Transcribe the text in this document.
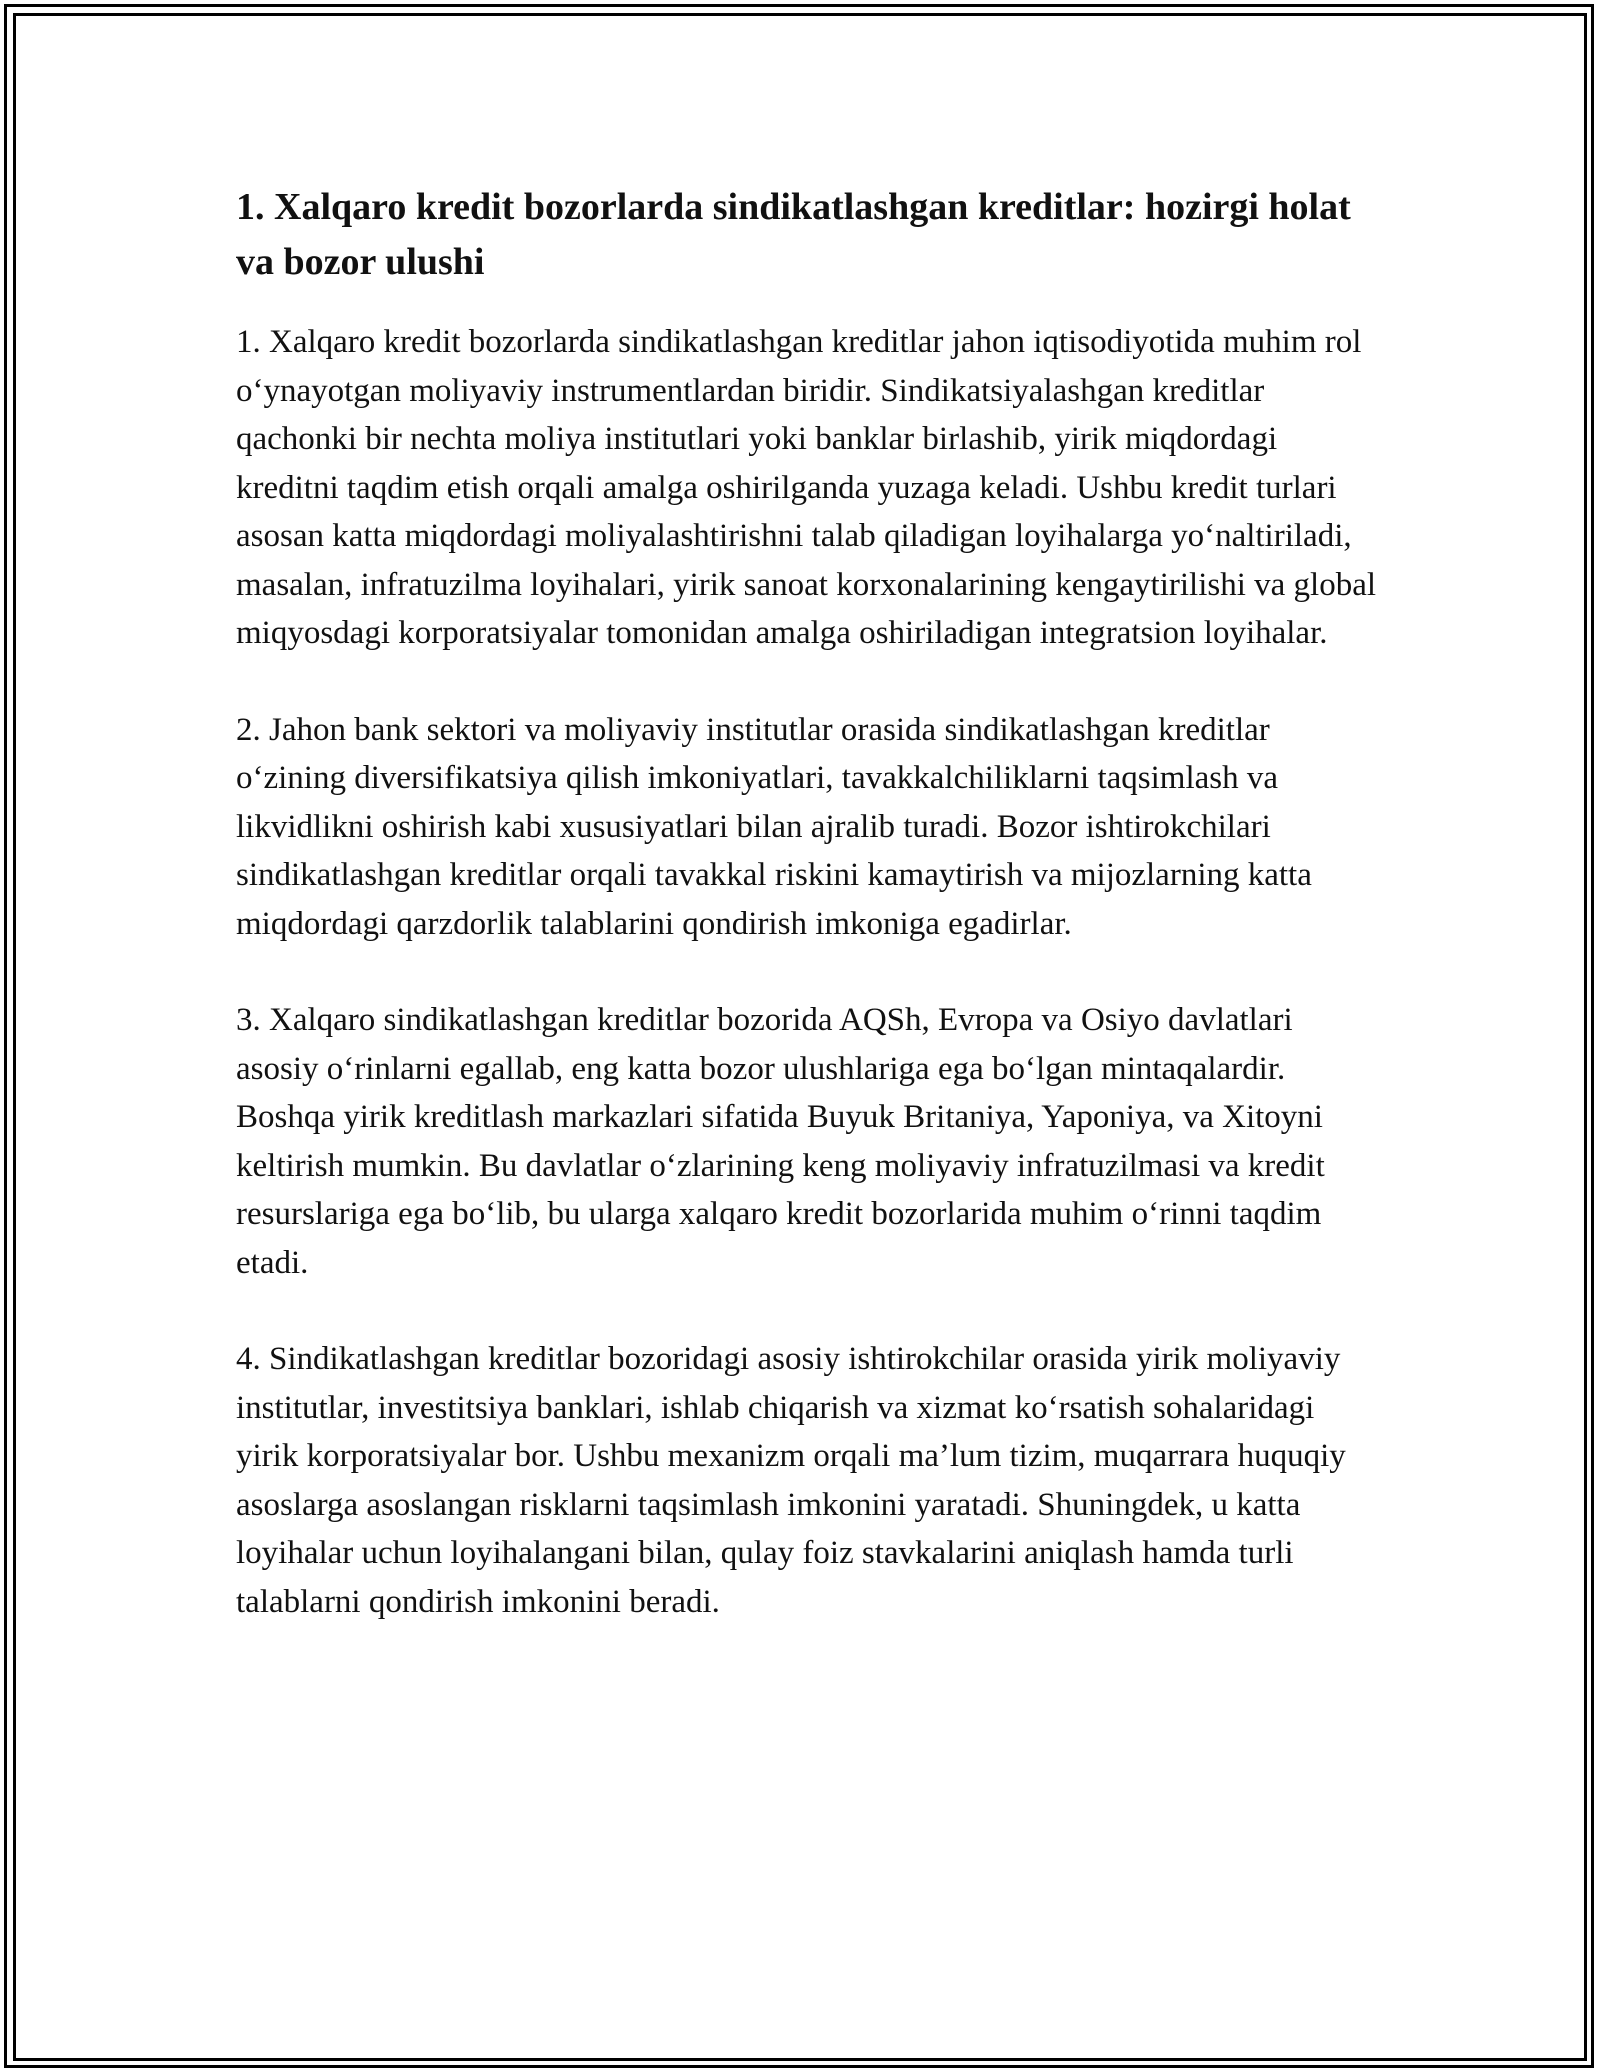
1. Xalqaro kredit bozorlarda sindikatlashgan kreditlar: hozirgi holat va bozor ulushi

1. Xalqaro kredit bozorlarda sindikatlashgan kreditlar jahon iqtisodiyotida muhim rol o‘ynayotgan moliyaviy instrumentlardan biridir. Sindikatsiyalashgan kreditlar qachonki bir nechta moliya institutlari yoki banklar birlashib, yirik miqdordagi kreditni taqdim etish orqali amalga oshirilganda yuzaga keladi. Ushbu kredit turlari asosan katta miqdordagi moliyalashtirishni talab qiladigan loyihalarga yo‘naltiriladi, masalan, infratuzilma loyihalari, yirik sanoat korxonalarining kengaytirilishi va global miqyosdagi korporatsiyalar tomonidan amalga oshiriladigan integratsion loyihalar.

2. Jahon bank sektori va moliyaviy institutlar orasida sindikatlashgan kreditlar o‘zining diversifikatsiya qilish imkoniyatlari, tavakkalchiliklarni taqsimlash va likvidlikni oshirish kabi xususiyatlari bilan ajralib turadi. Bozor ishtirokchilari sindikatlashgan kreditlar orqali tavakkal riskini kamaytirish va mijozlarning katta miqdordagi qarzdorlik talablarini qondirish imkoniga egadirlar.

3. Xalqaro sindikatlashgan kreditlar bozorida AQSh, Evropa va Osiyo davlatlari asosiy o‘rinlarni egallab, eng katta bozor ulushlariga ega bo‘lgan mintaqalardir. Boshqa yirik kreditlash markazlari sifatida Buyuk Britaniya, Yaponiya, va Xitoyni keltirish mumkin. Bu davlatlar o‘zlarining keng moliyaviy infratuzilmasi va kredit resurslariga ega bo‘lib, bu ularga xalqaro kredit bozorlarida muhim o‘rinni taqdim etadi.

4. Sindikatlashgan kreditlar bozoridagi asosiy ishtirokchilar orasida yirik moliyaviy institutlar, investitsiya banklari, ishlab chiqarish va xizmat ko‘rsatish sohalaridagi yirik korporatsiyalar bor. Ushbu mexanizm orqali ma’lum tizim, muqarrara huquqiy asoslarga asoslangan risklarni taqsimlash imkonini yaratadi. Shuningdek, u katta loyihalar uchun loyihalangani bilan, qulay foiz stavkalarini aniqlash hamda turli talablarni qondirish imkonini beradi.
